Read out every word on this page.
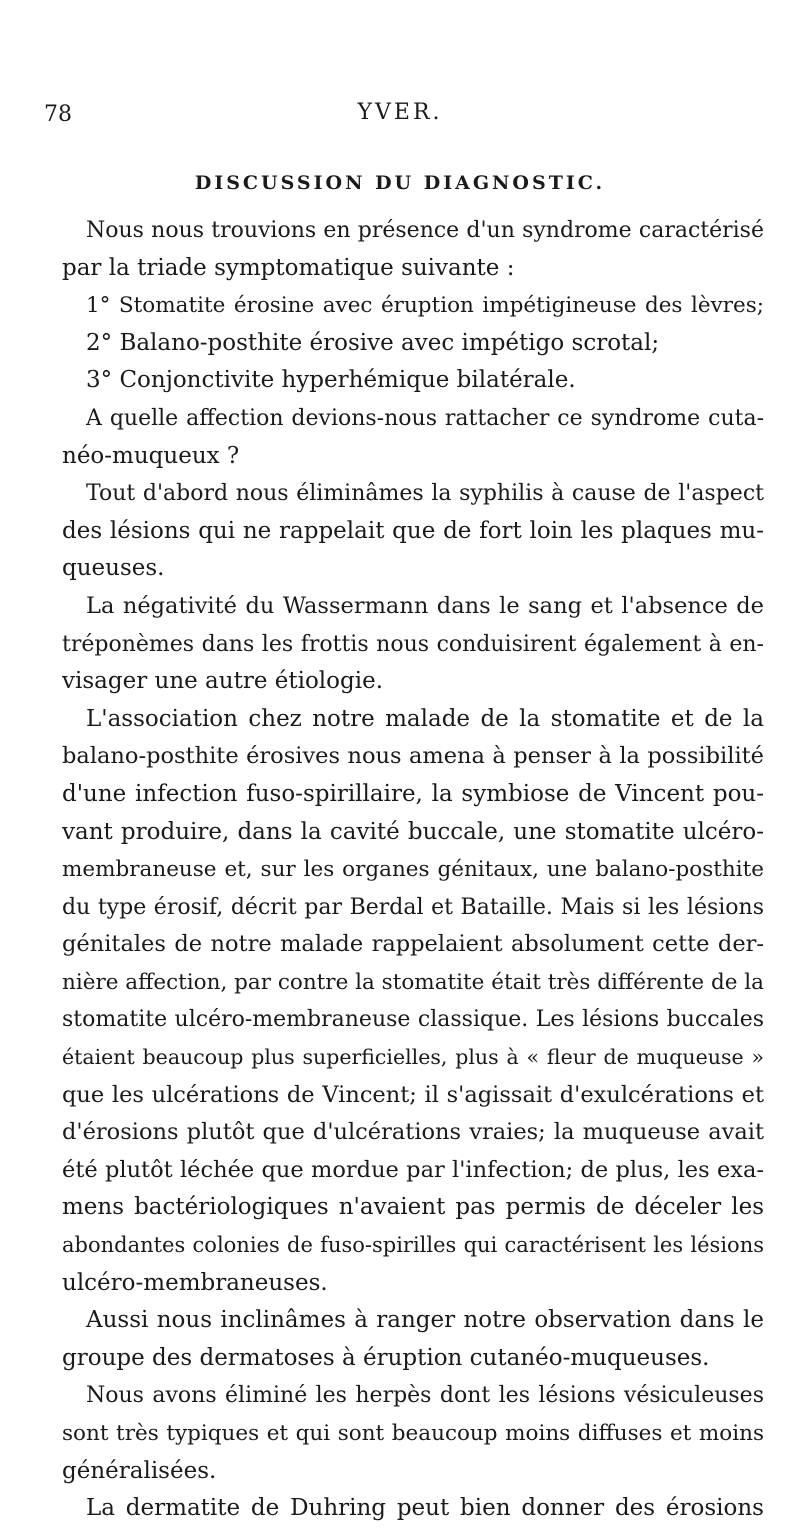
78	YVER.
DISCUSSION DU DIAGNOSTIC.
Nous nous trouvions en présence d'un syndrome caractérisé
par la triade symptomatique suivante :
1° Stomatite érosine avec éruption impétigineuse des lèvres;
2° Balano-posthite érosive avec impétigo scrotal;
3° Conjonctivite hyperhémique bilatérale.
A quelle affection devions-nous rattacher ce syndrome cuta-
néo-muqueux ?
Tout d'abord nous éliminâmes la syphilis à cause de l'aspect
des lésions qui ne rappelait que de fort loin les plaques mu-
queuses.
La négativité du Wassermann dans le sang et l'absence de
tréponèmes dans les frottis nous conduisirent également à en-
visager une autre étiologie.
L'association chez notre malade de la stomatite et de la
balano-posthite érosives nous amena à penser à la possibilité
d'une infection fuso-spirillaire, la symbiose de Vincent pou-
vant produire, dans la cavité buccale, une stomatite ulcéro-
membraneuse et, sur les organes génitaux, une balano-posthite
du type érosif, décrit par Berdal et Bataille. Mais si les lésions
génitales de notre malade rappelaient absolument cette der-
nière affection, par contre la stomatite était très différente de la
stomatite ulcéro-membraneuse classique. Les lésions buccales
étaient beaucoup plus superficielles, plus à « fleur de muqueuse »
que les ulcérations de Vincent; il s'agissait d'exulcérations et
d'érosions plutôt que d'ulcérations vraies; la muqueuse avait
été plutôt léchée que mordue par l'infection; de plus, les exa-
mens bactériologiques n'avaient pas permis de déceler les
abondantes colonies de fuso-spirilles qui caractérisent les lésions
ulcéro-membraneuses.
Aussi nous inclinâmes à ranger notre observation dans le
groupe des dermatoses à éruption cutanéo-muqueuses.
Nous avons éliminé les herpès dont les lésions vésiculeuses
sont très typiques et qui sont beaucoup moins diffuses et moins
généralisées.
La dermatite de Duhring peut bien donner des érosions
